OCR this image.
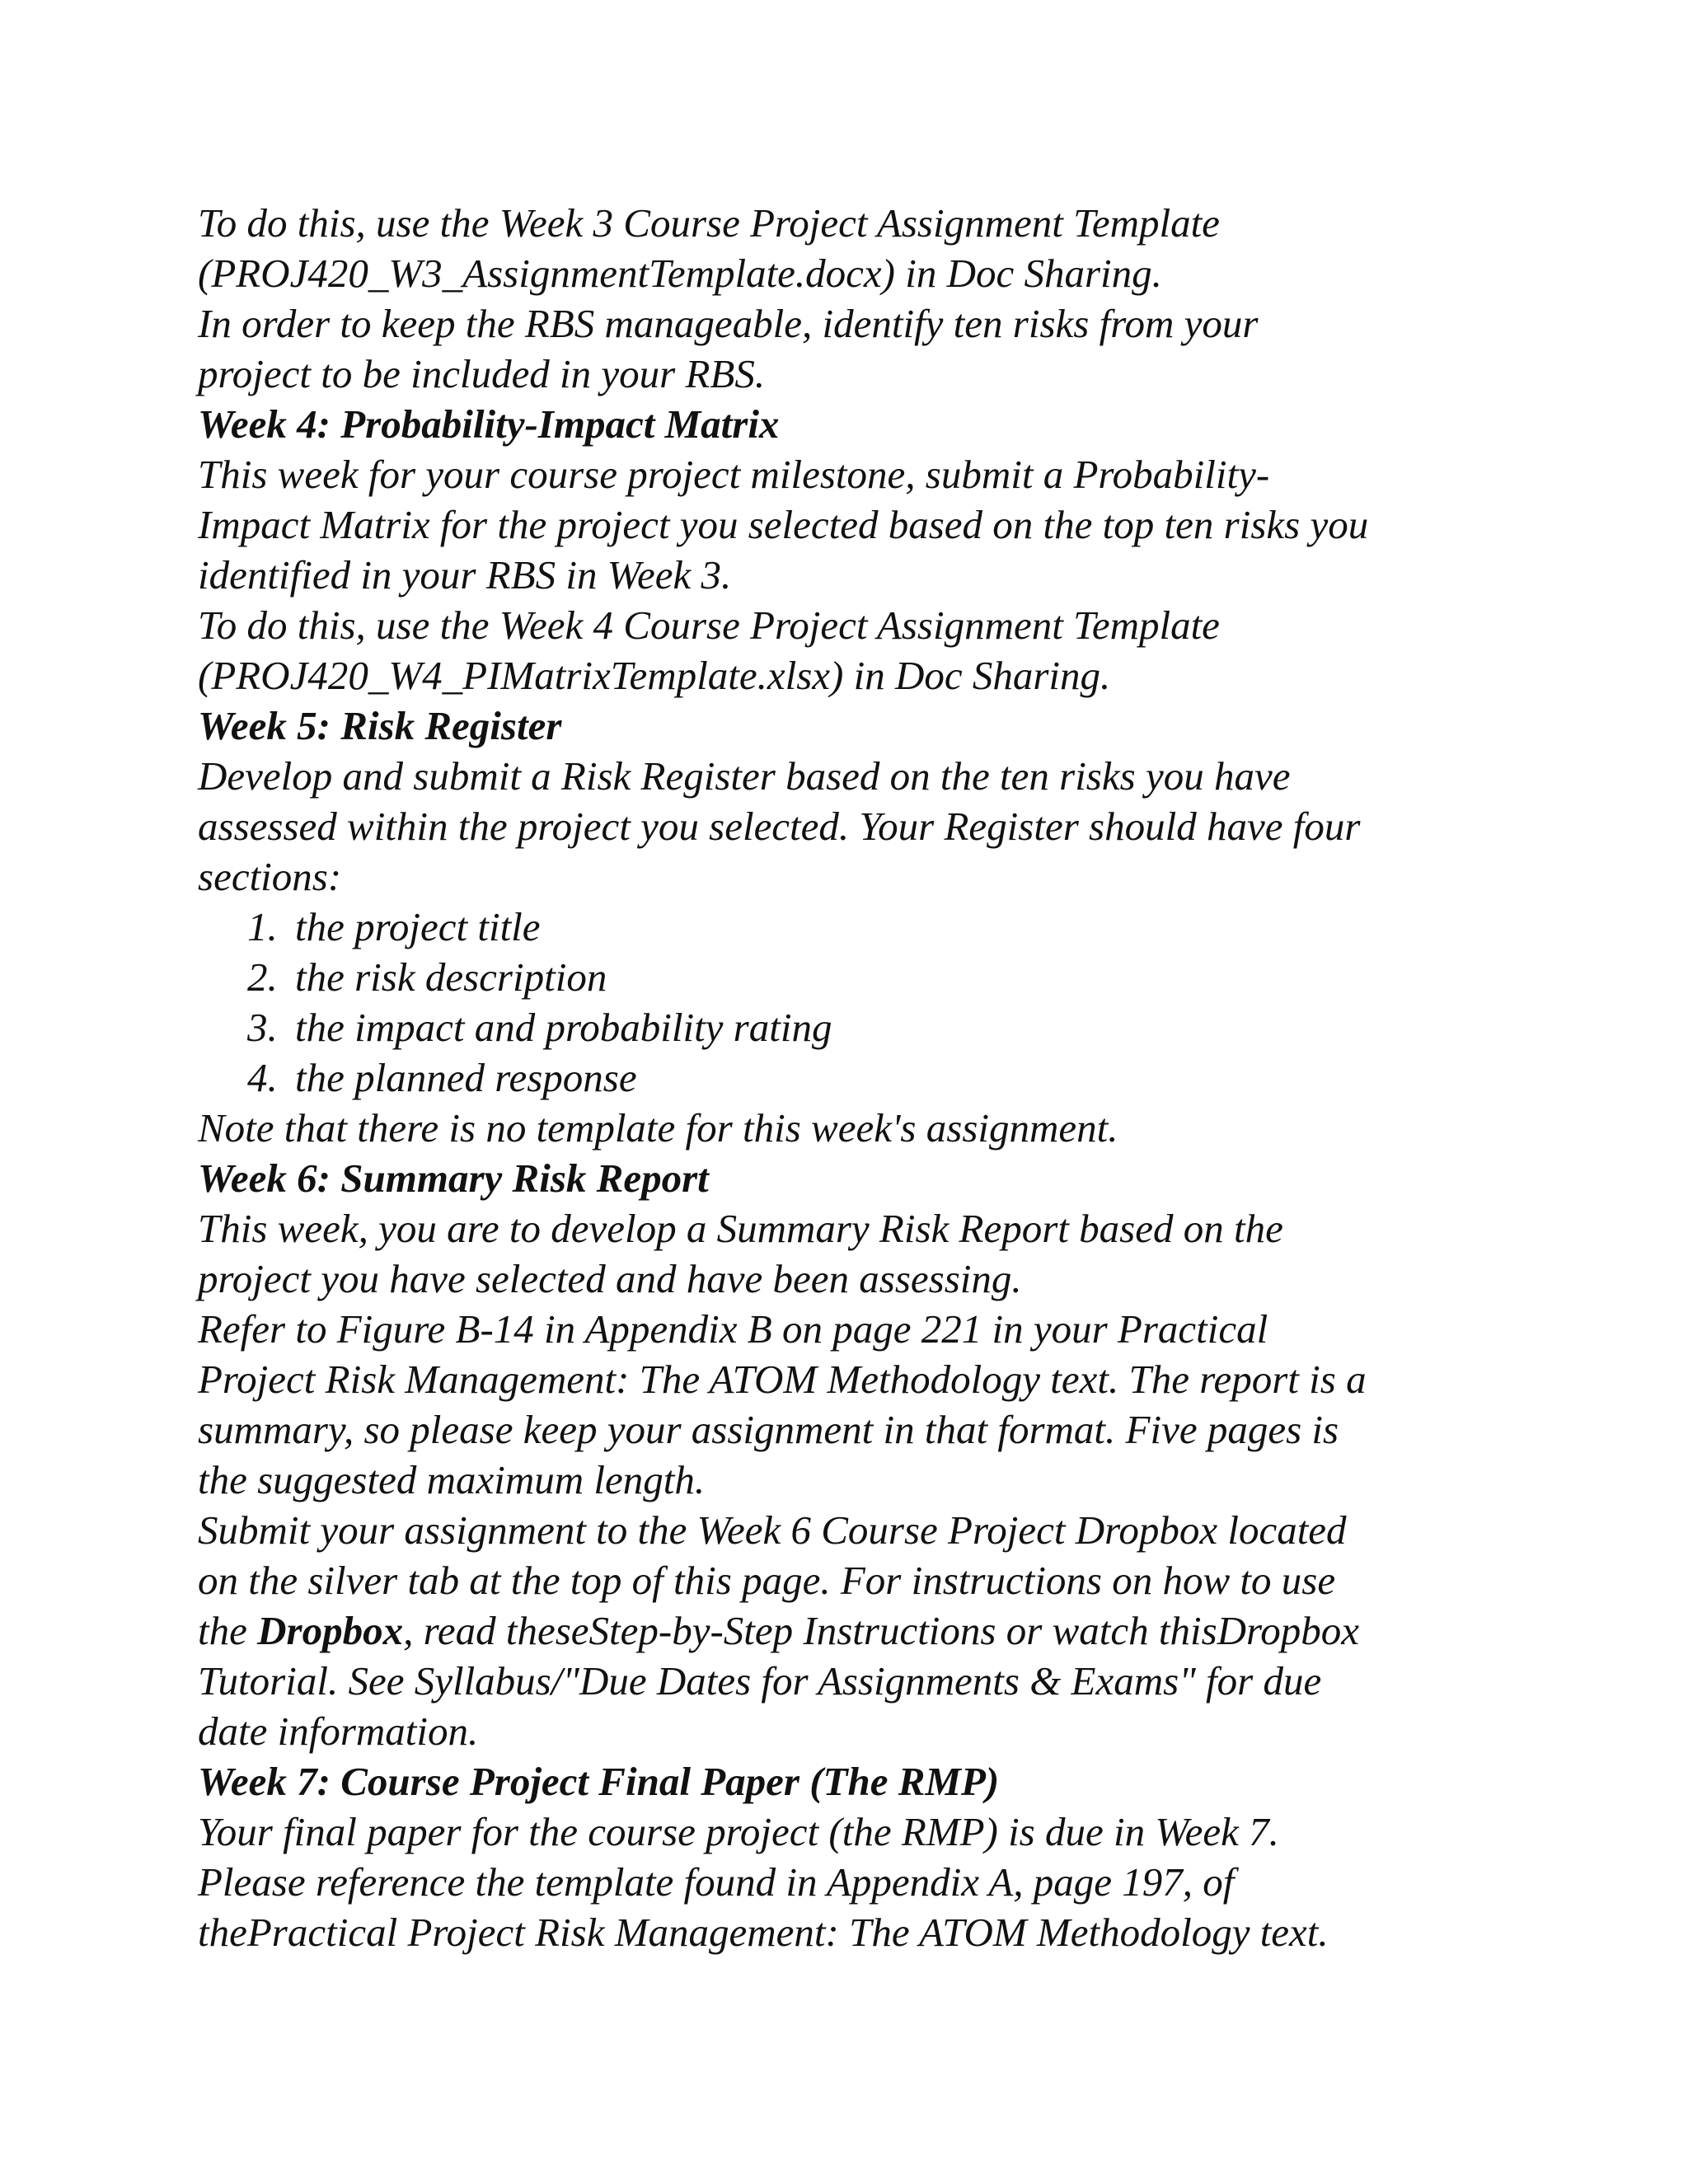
To do this, use the Week 3 Course Project Assignment Template
(PROJ420_W3_AssignmentTemplate.docx) in Doc Sharing.
In order to keep the RBS manageable, identify ten risks from your
project to be included in your RBS.
Week 4: Probability-Impact Matrix
This week for your course project milestone, submit a Probability-
Impact Matrix for the project you selected based on the top ten risks you
identified in your RBS in Week 3.
To do this, use the Week 4 Course Project Assignment Template
(PROJ420_W4_PIMatrixTemplate.xlsx) in Doc Sharing.
Week 5: Risk Register
Develop and submit a Risk Register based on the ten risks you have
assessed within the project you selected. Your Register should have four
sections:
1. the project title
2. the risk description
3. the impact and probability rating
4. the planned response
Note that there is no template for this week's assignment.
Week 6: Summary Risk Report
This week, you are to develop a Summary Risk Report based on the
project you have selected and have been assessing.
Refer to Figure B-14 in Appendix B on page 221 in your Practical
Project Risk Management: The ATOM Methodology text. The report is a
summary, so please keep your assignment in that format. Five pages is
the suggested maximum length.
Submit your assignment to the Week 6 Course Project Dropbox located
on the silver tab at the top of this page. For instructions on how to use
the Dropbox, read theseStep-by-Step Instructions or watch thisDropbox
Tutorial. See Syllabus/"Due Dates for Assignments & Exams" for due
date information.
Week 7: Course Project Final Paper (The RMP)
Your final paper for the course project (the RMP) is due in Week 7.
Please reference the template found in Appendix A, page 197, of
thePractical Project Risk Management: The ATOM Methodology text.
